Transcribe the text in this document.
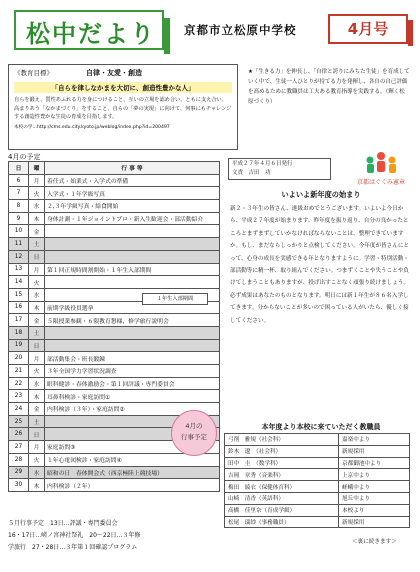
松中だより 京都市立松原中学校	4月号
《教育目標》	自律・友愛・創造
「自らを律しなかまを大切に、創造性豊かな人」
自らを鍛え、質性あふれる力を身につけること、互いの立場を認め合い、ともに支え合い、高まりあう「なかまづくり」をすること、自らの「夢の実現」に向けて、何事にもチャレンジする創造性豊かな生徒の育成を目指します。
本校の学…http://cms.edu.city.kyoto.jp/weblog/index.php?id=200497
★「生きる力」を伸長し、「自律と誇りにみちた生徒」を育成していく中で、生徒一人ひとりが持てる力を発揮し、各自の自己評価を高めるために教職員は工夫ある教育指導を実践する。（輝く松原づくり）
4月の予定
日	曜	行 事 等
6	月	着任式・始業式・入学式の準備
7	火	入学式・１年学級写真
8	水	２,３年学級写真・給食開始
9	木	身体計測・１年ジョイントプロ・新入生歓迎会・部活動紹介
10	金	
11	土	
12	日	
13	月	第１回正規時間割開始・１年生入部期間
14	火	
15	水	
16	木	前期学級役員選挙
17	金	５限授業参観・６限教育懇様、修学旅行説明会
18	土	
19	日	
20	月	部活動集会・班長鍛錬
21	火	３年全国学力学習状況調査
22	水	眼科健診・春体激励会・第１回評議・専門委員会
23	木	耳鼻科検診・家庭訪問①
24	金	内科検診（３年）・家庭訪問②
25	土	
26	日	
27	月	家庭訪問③
28	火	１年心電図検診・家庭訪問④
29	水	昭和の日　春体開会式（西京極陸上競技場）
30	木	内科検診（２年）
１年生入部期間
4月の
行事予定
５月行事予定　13日…評議・専門委員会
16・17日…嵯ノ宮神社祭礼　20～22日…３年修
学旅行　27・28日…３年第１回確認プログラム
平成２７年４月６日発行
文責　吉田　功
京都はぐくみ憲章
いよいよ新年度の始まり
新２・３年生の皆さん、進級おめでとうございます。いよいよ今日から、平成２７年度が始まります。昨年度を振り返り、自分の良かったところとまずまずしていかなければならないことは、整理できていますか。もし、まだならしっかりと点検してください。今年度が皆さんにとって、心身の成長を実感できる年となりますように。学習・特別活動・部活動等に精一杯、取り組んでください。つまずくことや失うことや負けてしまうこともありますが、投げ出すことなく頑張り続けましょう。必ず成果はあなたのものとなります。明日には新１年生が８６名入学してきます。分からないことが多いので困っている人がいたら、優しく接してください。
本年度より本校に来ていただく教職員
弓削　雅規（社会科）	嘉楽中より
鈴木　遼　（社会科）	新規採用
田中　圭　（数学科）	京都御池中より
吉岡　章秀（音楽科）	上京中より
梅田　綾衣（保健体育科）	嵯峨中より
山崎　清香（英語科）	旭丘中より
高橋　佳里奈（育成学級）	本校より
松尾　瑞紗（事務職員）	新規採用
＜裏に続きます＞
